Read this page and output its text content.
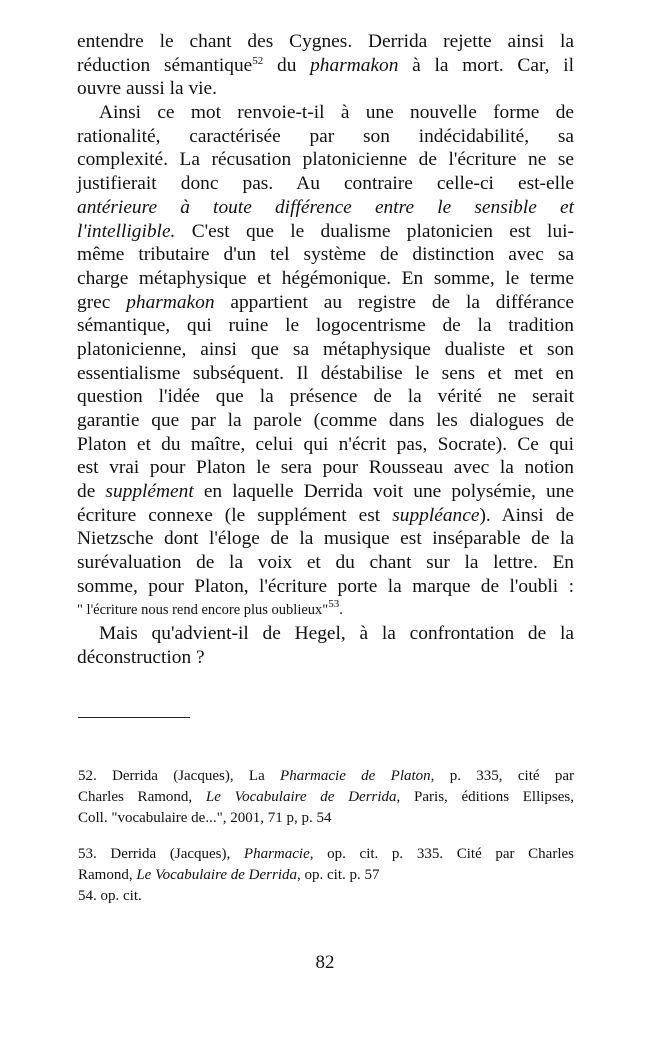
entendre le chant des Cygnes. Derrida rejette ainsi la
réduction sémantique$^{52}$ du pharmakon à la mort. Car, il
ouvre aussi la vie.
Ainsi ce mot renvoie-t-il à une nouvelle forme de
rationalité, caractérisée par son indécidabilité, sa
complexité. La récusation platonicienne de l'écriture ne se
justifierait donc pas. Au contraire celle-ci est-elle
antérieure à toute différence entre le sensible et
l'intelligible. C'est que le dualisme platonicien est lui-
même tributaire d'un tel système de distinction avec sa
charge métaphysique et hégémonique. En somme, le terme
grec pharmakon appartient au registre de la différance
sémantique, qui ruine le logocentrisme de la tradition
platonicienne, ainsi que sa métaphysique dualiste et son
essentialisme subséquent. Il déstabilise le sens et met en
question l'idée que la présence de la vérité ne serait
garantie que par la parole (comme dans les dialogues de
Platon et du maître, celui qui n'écrit pas, Socrate). Ce qui
est vrai pour Platon le sera pour Rousseau avec la notion
de supplément en laquelle Derrida voit une polysémie, une
écriture connexe (le supplément est suppléance). Ainsi de
Nietzsche dont l'éloge de la musique est inséparable de la
surévaluation de la voix et du chant sur la lettre. En
somme, pour Platon, l'écriture porte la marque de l'oubli :
" l'écriture nous rend encore plus oublieux"$^{53}$.
Mais qu'advient-il de Hegel, à la confrontation de la
déconstruction ?
52. Derrida (Jacques), La Pharmacie de Platon, p. 335, cité par
Charles Ramond, Le Vocabulaire de Derrida, Paris, éditions Ellipses,
Coll. "vocabulaire de...", 2001, 71 p, p. 54
53. Derrida (Jacques), Pharmacie, op. cit. p. 335. Cité par Charles
Ramond, Le Vocabulaire de Derrida, op. cit. p. 57
54. op. cit.
82
